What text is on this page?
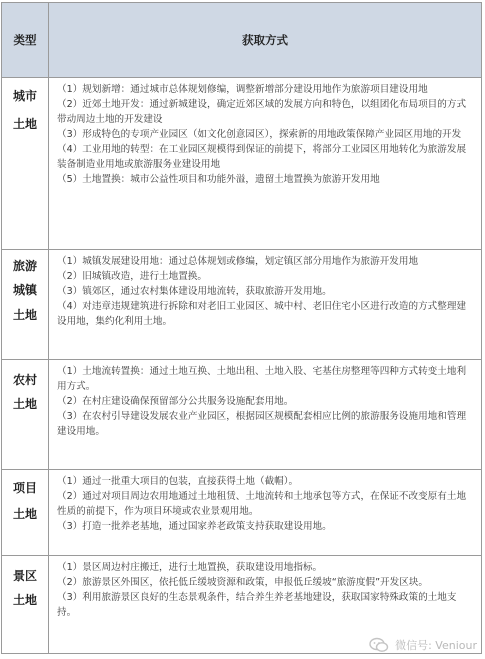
类型	获取方式

城市
土地	（1）规划新增：通过城市总体规划修编，调整新增部分建设用地作为旅游项目建设用地
（2）近郊土地开发：通过新城建设，确定近郊区域的发展方向和特色，以组团化布局项目的方式带动周边土地的开发建设
（3）形成特色的专项产业园区（如文化创意园区），探索新的用地政策保障产业园区用地的开发
（4）工业用地的转型：在工业园区规模得到保证的前提下，将部分工业园区用地转化为旅游发展装备制造业用地或旅游服务业建设用地
（5）土地置换：城市公益性项目和功能外溢，遗留土地置换为旅游开发用地

旅游
城镇
土地	（1）城镇发展建设用地：通过总体规划或修编，划定镇区部分用地作为旅游开发用地
（2）旧城镇改造，进行土地置换。
（3）镇郊区，通过农村集体建设用地流转，获取旅游开发用地。
（4）对违章违规建筑进行拆除和对老旧工业园区、城中村、老旧住宅小区进行改造的方式整理建设用地，集约化利用土地。

农村
土地	（1）土地流转置换：通过土地互换、土地出租、土地入股、宅基住房整理等四种方式转变土地利用方式。
（2）在村庄建设确保预留部分公共服务设施配套用地。
（3）在农村引导建设发展农业产业园区，根据园区规模配套相应比例的旅游服务设施用地和管理建设用地。

项目
土地	（1）通过一批重大项目的包装，直接获得土地（截帽）。
（2）通过对项目周边农用地通过土地租赁、土地流转和土地承包等方式，在保证不改变原有土地性质的前提下，作为项目环境或农业景观用地。
（3）打造一批养老基地，通过国家养老政策支持获取建设用地。

景区
土地	（1）景区周边村庄搬迁，进行土地置换，获取建设用地指标。
（2）旅游景区外围区，依托低丘缓坡资源和政策，申报低丘缓坡“旅游度假”开发区块。
（3）利用旅游景区良好的生态景观条件，结合养生养老基地建设，获取国家特殊政策的土地支持。
微信号: Veniour
